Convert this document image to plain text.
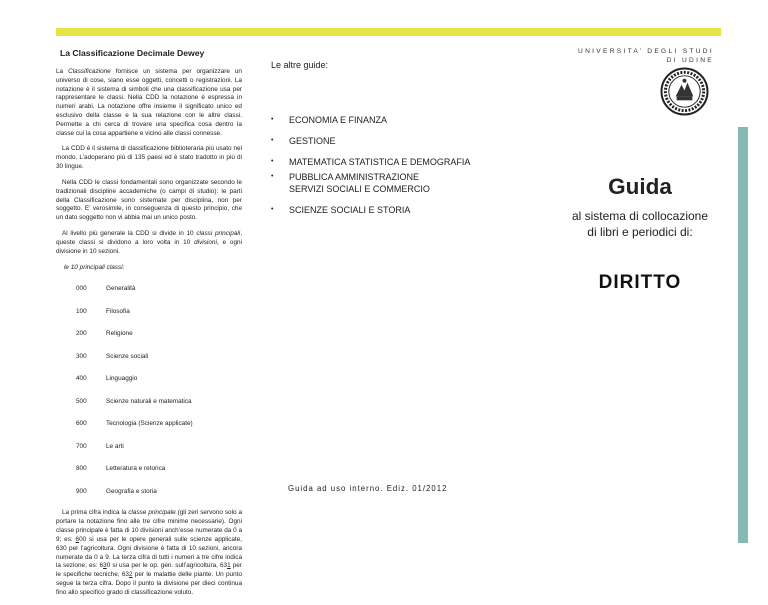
La Classificazione Decimale Dewey

La Classificazione fornisce un sistema per organizzare un universo di cose, siano esse oggetti, concetti o registrazioni. La notazione è il sistema di simboli che una classificazione usa per rappresentare le classi. Nella CDD la notazione è espressa in numeri arabi. La notazione offre insieme il significato unico ed esclusivo della classe e la sua relazione con le altre classi. Permette a chi cerca di trovare una specifica cosa dentro la classe cui la cosa appartiene e vicino alle classi connesse.

La CDD è il sistema di classificazione biblioteraria più usato nel mondo. L’adoperano più di 135 paesi ed è stato tradotto in più di 30 lingue.

Nella CDD le classi fondamentali sono organizzate secondo le tradizionali discipline accademiche (o campi di studio): le parti della Classificazione sono sistemate per disciplina, non per soggetto. E’ verosimile, in conseguenza di questo principio, che un dato soggetto non vi abbia mai un unico posto.

Al livello più generale la CDD si divide in 10 classi principali, queste classi si dividono a loro volta in 10 divisioni, e ogni divisione in 10 sezioni.

le 10 principali classi:
000	Generalità
100	Filosofia
200	Religione
300	Scienze sociali
400	Linguaggio
500	Scienze naturali e matematica
600	Tecnologia (Scienze applicate)
700	Le arti
800	Letteratura e retorica
900	Geografia e storia

La prima cifra indica la classe principale (gli zeri servono solo a portare la notazione fino alle tre cifre minime necessarie). Ogni classe principale è fatta di 10 divisioni anch’esse numerate da 0 a 9; es: 600 si usa per le opere generali sulle scienze applicate, 630 per l’agricoltura. Ogni divisione è fatta di 10 sezioni, ancora numerate da 0 a 9. La terza cifra di tutti i numeri a tre cifre indica la sezione; es: 630 si usa per le op. gen. sull’agricoltura, 631 per le specifiche tecniche, 632 per le malattie delle piante. Un punto segue la terza cifra. Dopo il punto la divisione per dieci continua fino allo specifico grado di classificazione voluto.

Le altre guide:
•	ECONOMIA E FINANZA
•	GESTIONE
•	MATEMATICA STATISTICA E DEMOGRAFIA
•	PUBBLICA AMMINISTRAZIONE          SERVIZI SOCIALI E COMMERCIO
•	SCIENZE SOCIALI E STORIA
Guida ad uso interno. Ediz. 01/2012
UNIVERSITA’ DEGLI STUDI
DI UDINE
Guida
al sistema di collocazione
di libri e periodici di:
DIRITTO
